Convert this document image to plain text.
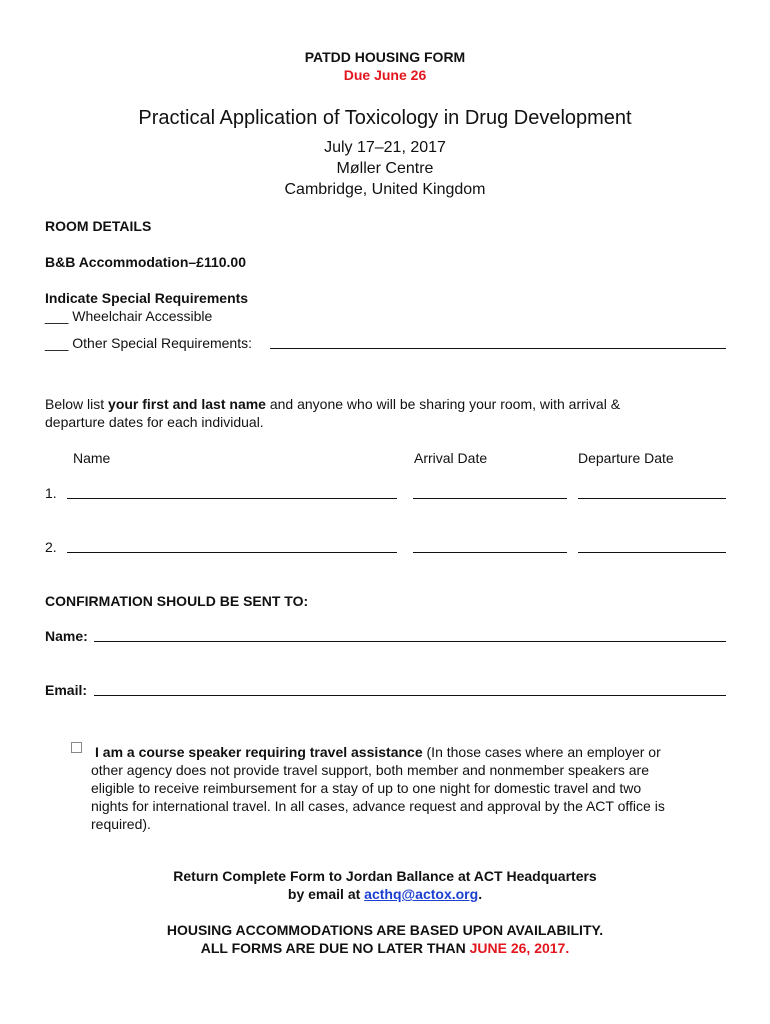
PATDD HOUSING FORM
Due June 26
Practical Application of Toxicology in Drug Development
July 17–21, 2017
Møller Centre
Cambridge, United Kingdom
ROOM DETAILS
B&B Accommodation–£110.00
Indicate Special Requirements
___ Wheelchair Accessible
___ Other Special Requirements:
Below list your first and last name and anyone who will be sharing your room, with arrival &
departure dates for each individual.
Name	Arrival Date	Departure Date
1.
2.
CONFIRMATION SHOULD BE SENT TO:
Name:
Email:
I am a course speaker requiring travel assistance (In those cases where an employer or
other agency does not provide travel support, both member and nonmember speakers are
eligible to receive reimbursement for a stay of up to one night for domestic travel and two
nights for international travel. In all cases, advance request and approval by the ACT office is
required).
Return Complete Form to Jordan Ballance at ACT Headquarters
by email at acthq@actox.org.
HOUSING ACCOMMODATIONS ARE BASED UPON AVAILABILITY.
ALL FORMS ARE DUE NO LATER THAN JUNE 26, 2017.
